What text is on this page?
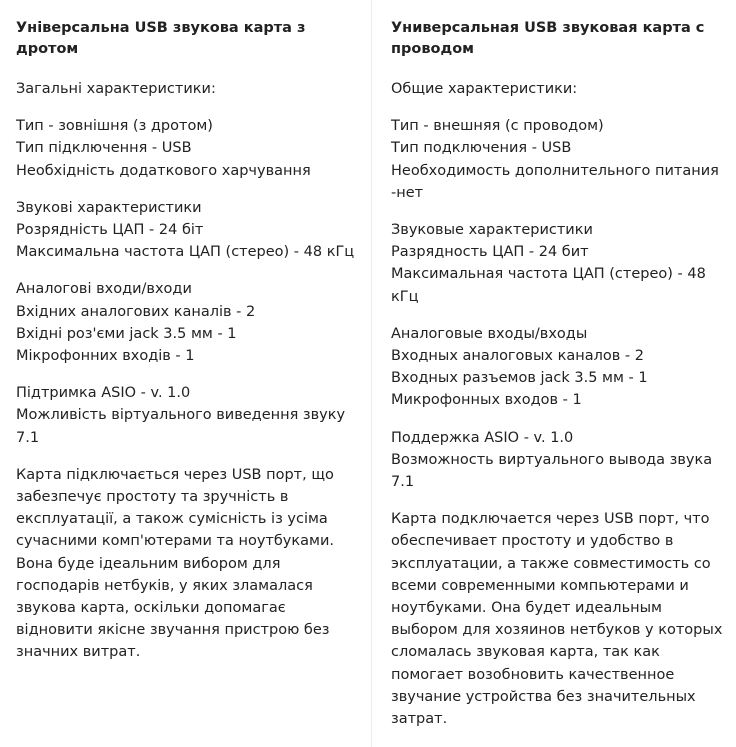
Універсальна USB звукова карта з дротом
Загальні характеристики:
Тип - зовнішня (з дротом)
Тип підключення - USB
Необхідність додаткового харчування
Звукові характеристики
Розрядність ЦАП - 24 біт
Максимальна частота ЦАП (стерео) - 48 кГц
Аналогові входи/входи
Вхідних аналогових каналів - 2
Вхідні роз'єми jack 3.5 мм - 1
Мікрофонних входів - 1
Підтримка ASIO - v. 1.0
Можливість віртуального виведення звуку 7.1
Карта підключається через USB порт, що забезпечує простоту та зручність в експлуатації, а також сумісність із усіма сучасними комп'ютерами та ноутбуками. Вона буде ідеальним вибором для господарів нетбуків, у яких зламалася звукова карта, оскільки допомагає відновити якісне звучання пристрою без значних витрат.
Универсальная USB звуковая карта с проводом
Общие характеристики:
Тип - внешняя (с проводом)
Тип подключения - USB
Необходимость дополнительного питания -нет
Звуковые характеристики
Разрядность ЦАП - 24 бит
Максимальная частота ЦАП (стерео) - 48 кГц
Аналоговые входы/входы
Входных аналоговых каналов - 2
Входных разъемов jack 3.5 мм - 1
Микрофонных входов - 1
Поддержка ASIO - v. 1.0
Возможность виртуального вывода звука 7.1
Карта подключается через USB порт, что обеспечивает простоту и удобство в эксплуатации, а также совместимость со всеми современными компьютерами и ноутбуками. Она будет идеальным выбором для хозяинов нетбуков у которых сломалась звуковая карта, так как помогает возобновить качественное звучание устройства без значительных затрат.
